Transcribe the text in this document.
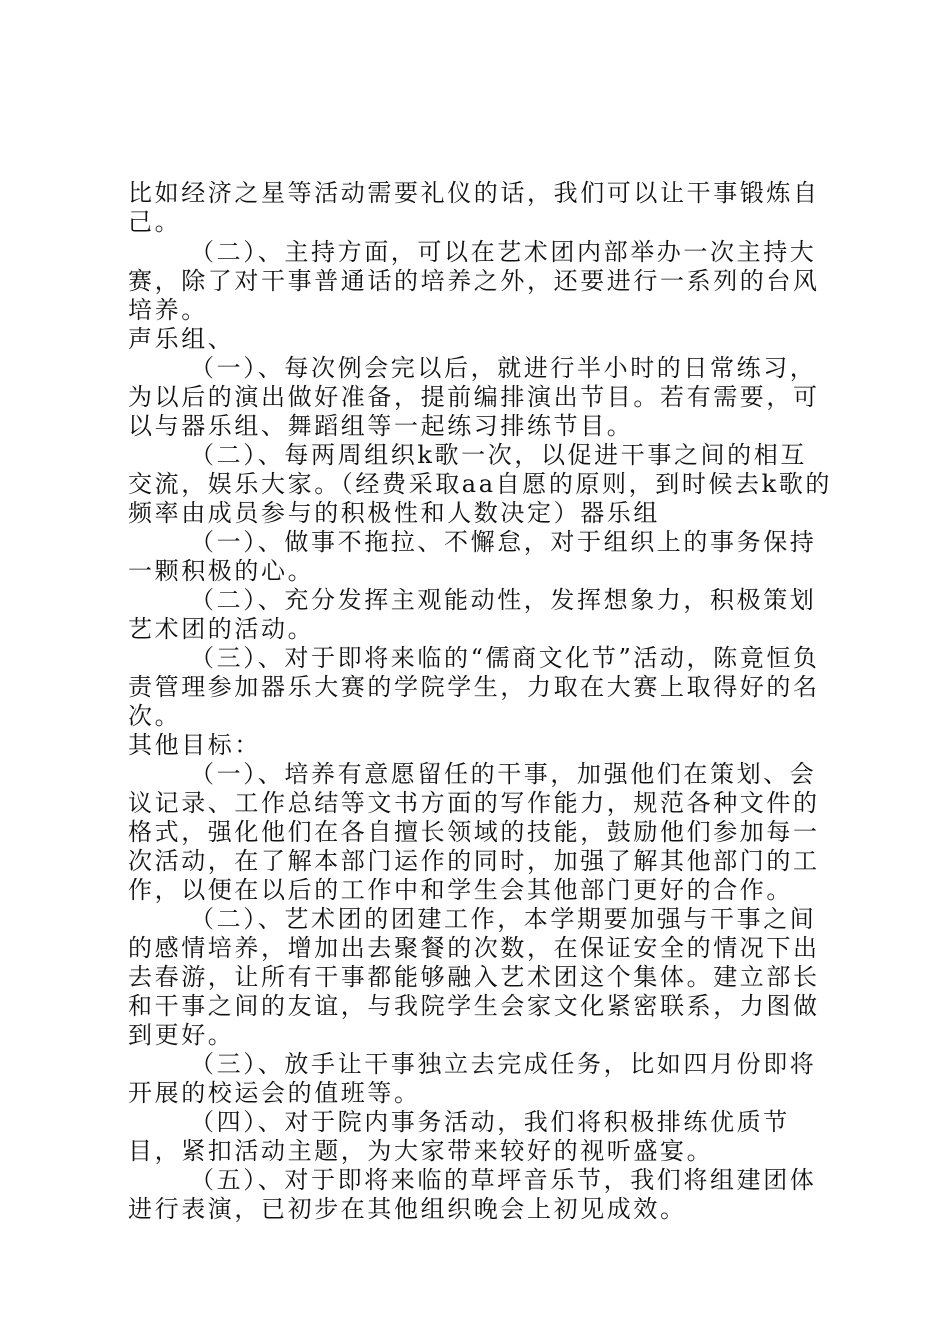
比如经济之星等活动需要礼仪的话，我们可以让干事锻炼自己。

（二）、主持方面，可以在艺术团内部举办一次主持大赛，除了对干事普通话的培养之外，还要进行一系列的台风培养。

声乐组、

（一）、每次例会完以后，就进行半小时的日常练习，为以后的演出做好准备，提前编排演出节目。若有需要，可以与器乐组、舞蹈组等一起练习排练节目。

（二）、每两周组织k歌一次，以促进干事之间的相互交流，娱乐大家。（经费采取aa自愿的原则，到时候去k歌的频率由成员参与的积极性和人数决定）器乐组

（一）、做事不拖拉、不懈怠，对于组织上的事务保持一颗积极的心。

（二）、充分发挥主观能动性，发挥想象力，积极策划艺术团的活动。

（三）、对于即将来临的“儒商文化节”活动，陈竟恒负责管理参加器乐大赛的学院学生，力取在大赛上取得好的名次。

其他目标：

（一）、培养有意愿留任的干事，加强他们在策划、会议记录、工作总结等文书方面的写作能力，规范各种文件的格式，强化他们在各自擅长领域的技能，鼓励他们参加每一次活动，在了解本部门运作的同时，加强了解其他部门的工作，以便在以后的工作中和学生会其他部门更好的合作。

（二）、艺术团的团建工作，本学期要加强与干事之间的感情培养，增加出去聚餐的次数，在保证安全的情况下出去春游，让所有干事都能够融入艺术团这个集体。建立部长和干事之间的友谊，与我院学生会家文化紧密联系，力图做到更好。

（三）、放手让干事独立去完成任务，比如四月份即将开展的校运会的值班等。

（四）、对于院内事务活动，我们将积极排练优质节目，紧扣活动主题，为大家带来较好的视听盛宴。

（五）、对于即将来临的草坪音乐节，我们将组建团体进行表演，已初步在其他组织晚会上初见成效。
